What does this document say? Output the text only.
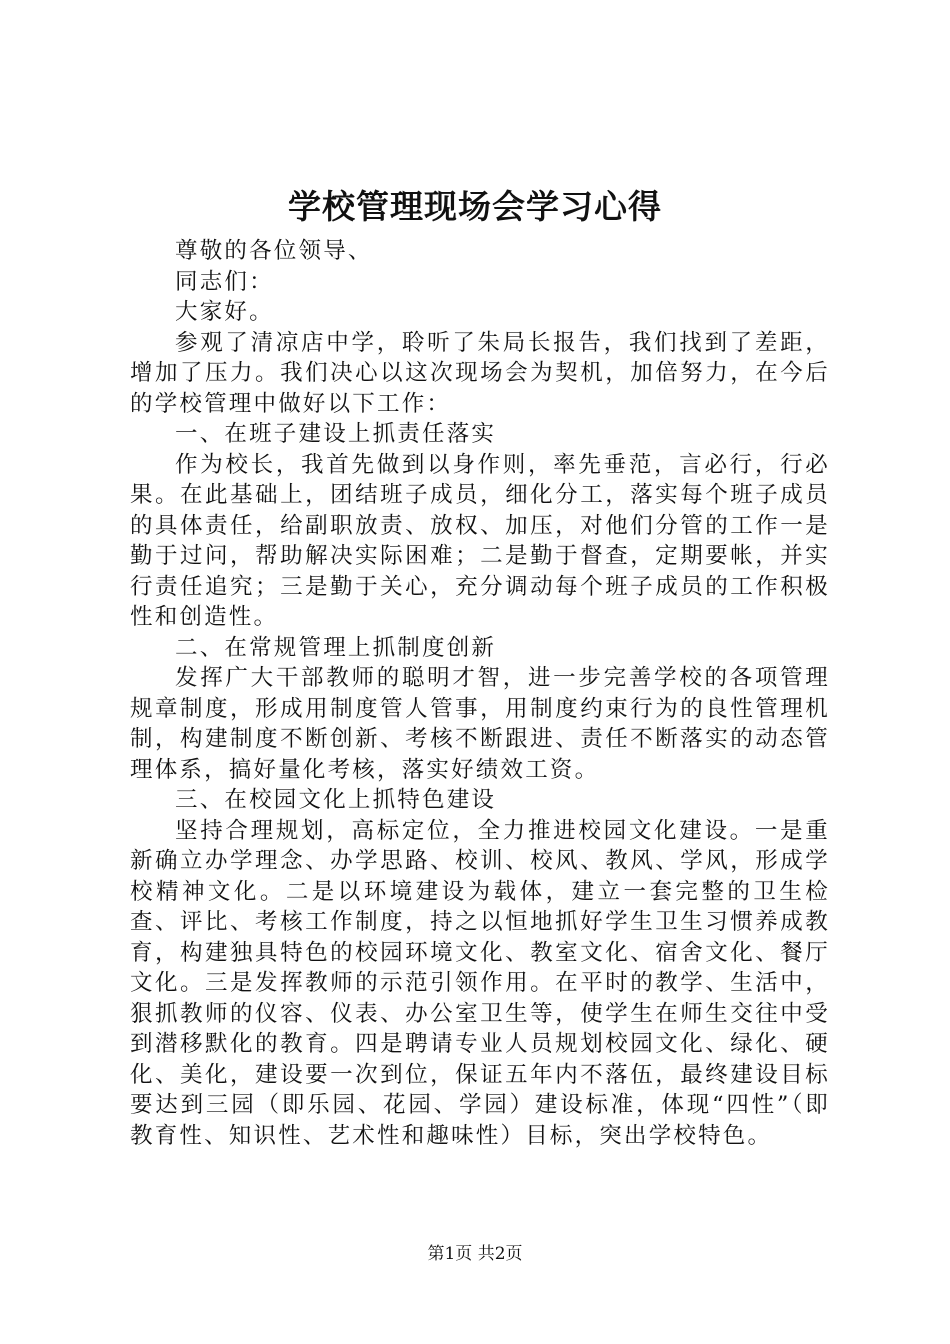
学校管理现场会学习心得

尊敬的各位领导、

同志们：

大家好。

参观了清凉店中学，聆听了朱局长报告，我们找到了差距，增加了压力。我们决心以这次现场会为契机，加倍努力，在今后的学校管理中做好以下工作：

一、在班子建设上抓责任落实

作为校长，我首先做到以身作则，率先垂范，言必行，行必果。在此基础上，团结班子成员，细化分工，落实每个班子成员的具体责任，给副职放责、放权、加压，对他们分管的工作一是勤于过问，帮助解决实际困难；二是勤于督查，定期要帐，并实行责任追究；三是勤于关心，充分调动每个班子成员的工作积极性和创造性。

二、在常规管理上抓制度创新

发挥广大干部教师的聪明才智，进一步完善学校的各项管理规章制度，形成用制度管人管事，用制度约束行为的良性管理机制，构建制度不断创新、考核不断跟进、责任不断落实的动态管理体系，搞好量化考核，落实好绩效工资。

三、在校园文化上抓特色建设

坚持合理规划，高标定位，全力推进校园文化建设。一是重新确立办学理念、办学思路、校训、校风、教风、学风，形成学校精神文化。二是以环境建设为载体，建立一套完整的卫生检查、评比、考核工作制度，持之以恒地抓好学生卫生习惯养成教育，构建独具特色的校园环境文化、教室文化、宿舍文化、餐厅文化。三是发挥教师的示范引领作用。在平时的教学、生活中，狠抓教师的仪容、仪表、办公室卫生等，使学生在师生交往中受到潜移默化的教育。四是聘请专业人员规划校园文化、绿化、硬化、美化，建设要一次到位，保证五年内不落伍，最终建设目标要达到三园（即乐园、花园、学园）建设标准，体现“四性”（即教育性、知识性、艺术性和趣味性）目标，突出学校特色。

第1页 共2页
